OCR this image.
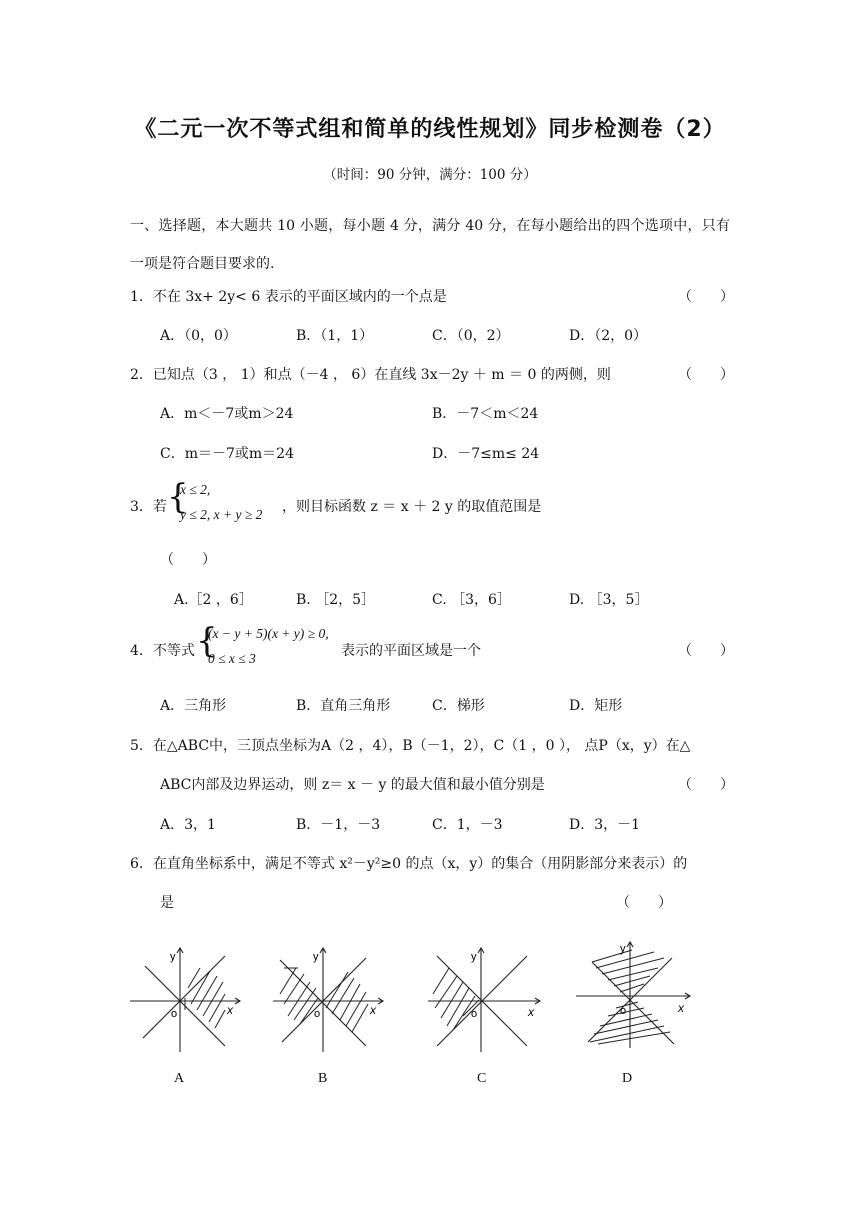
《二元一次不等式组和简单的线性规划》同步检测卷（2）
（时间：90 分钟，满分：100 分）
一、选择题，本大题共 10 小题，每小题 4 分，满分 40 分，在每小题给出的四个选项中，只有一项是符合题目要求的.
1．不在 3x+ 2y< 6 表示的平面区域内的一个点是	（　　）
A．（0，0）	B．（1，1）	C．（0，2）	D．（2，0）
2．已知点（3 ， 1）和点（－4 ， 6）在直线 3x－2y ＋ m ＝ 0 的两侧，则	（　　）
A．m＜－7或m＞24	B．－7＜m＜24
C．m＝－7或m＝24	D．－7≤m≤ 24
3．若 {
x ≤ 2,
y ≤ 2, x + y ≥ 2 ，则目标函数 z ＝ x ＋ 2 y 的取值范围是
（　　）
A.［2 ，6］	B. ［2，5］	C. ［3，6］	D. ［3，5］
4．不等式 {
(x − y + 5)(x + y) ≥ 0,
0 ≤ x ≤ 3	表示的平面区域是一个	（　　）
A．三角形	B．直角三角形	C．梯形	D．矩形
5．在△ABC中，三顶点坐标为A（2 ，4），B（－1，2），C（1 ，0 ）， 点P（x，y）在△
ABC内部及边界运动，则 z＝ x － y 的最大值和最小值分别是	（　　）
A．3，1	B．－1，－3	C．1，－3	D．3，－1
6．在直角坐标系中，满足不等式 x²－y²≥0 的点（x，y）的集合（用阴影部分来表示）的
是	（　　）
y
x
o
y
x
o
y
x
o
y
x
o
A	B	C	D
